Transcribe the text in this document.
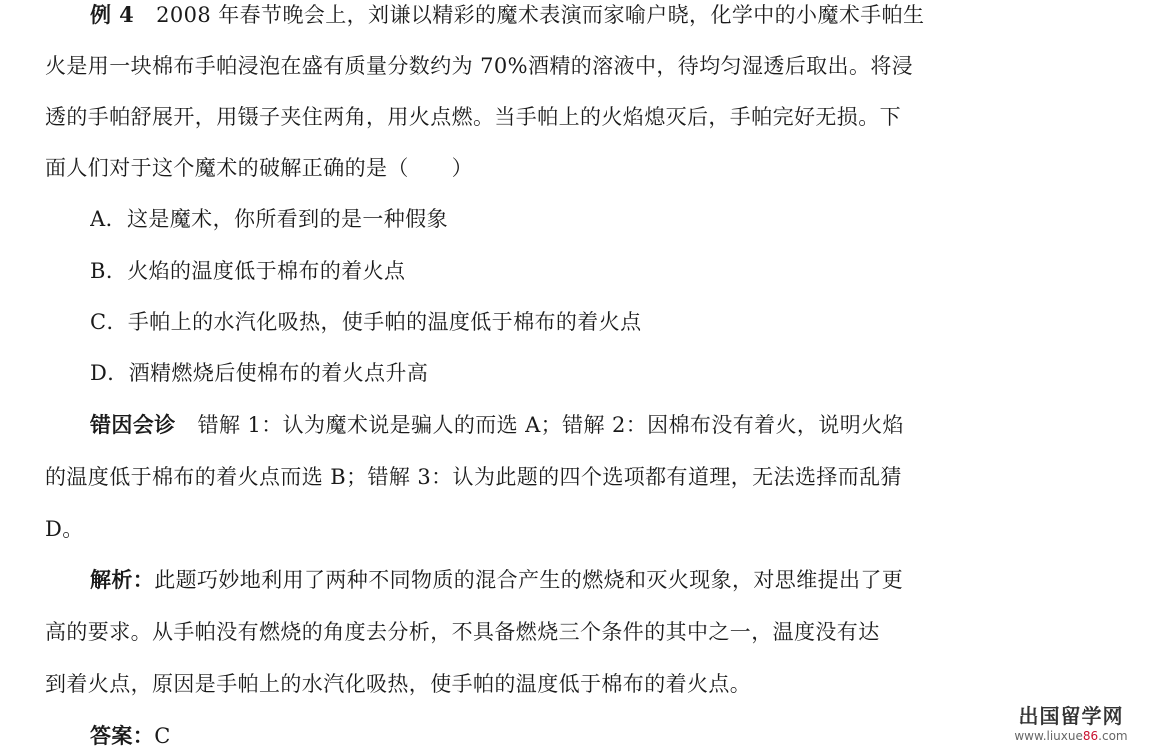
例 4 2008 年春节晚会上，刘谦以精彩的魔术表演而家喻户晓，化学中的小魔术手帕生
火是用一块棉布手帕浸泡在盛有质量分数约为 70%酒精的溶液中，待均匀湿透后取出。将浸
透的手帕舒展开，用镊子夹住两角，用火点燃。当手帕上的火焰熄灭后，手帕完好无损。下
面人们对于这个魔术的破解正确的是（　　）
A．这是魔术，你所看到的是一种假象
B．火焰的温度低于棉布的着火点
C．手帕上的水汽化吸热，使手帕的温度低于棉布的着火点
D．酒精燃烧后使棉布的着火点升高
错因会诊 错解 1：认为魔术说是骗人的而选 A；错解 2：因棉布没有着火，说明火焰
的温度低于棉布的着火点而选 B；错解 3：认为此题的四个选项都有道理，无法选择而乱猜
D。
解析：此题巧妙地利用了两种不同物质的混合产生的燃烧和灭火现象，对思维提出了更
高的要求。从手帕没有燃烧的角度去分析，不具备燃烧三个条件的其中之一，温度没有达
到着火点，原因是手帕上的水汽化吸热，使手帕的温度低于棉布的着火点。
答案：C
出国留学网
www.liuxue86.com
